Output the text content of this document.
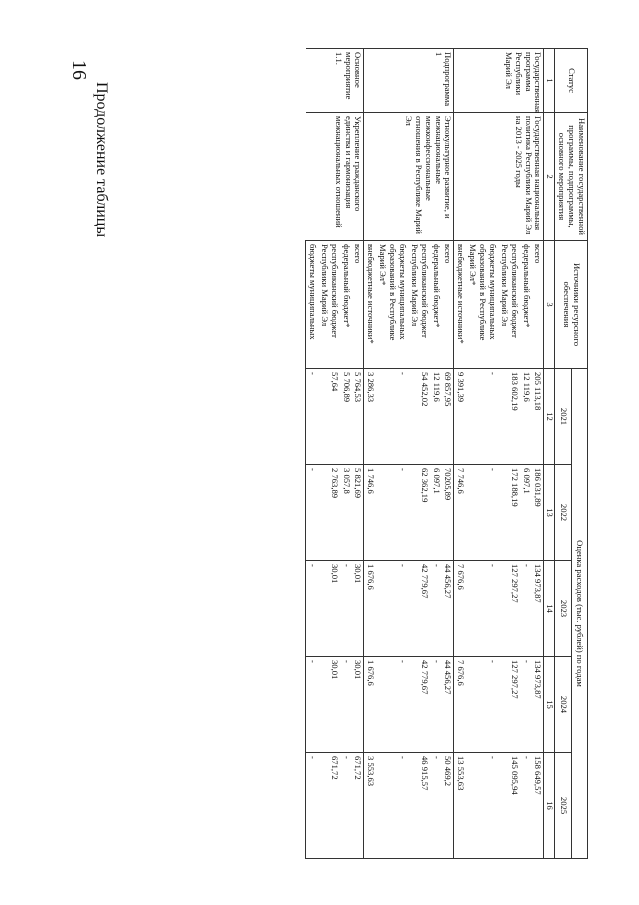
16
Продолжение таблицы
Статус	Наименование государственной программы, подпрограммы, основного мероприятия	Источники ресурсного обеспечения	Оценка расходов (тыс. рублей) по годам				
			2021	2022	2023	2024	2025
1	2	3	12	13	14	15	16
Государственная программа Республики Марий Эл	Государственная национальная политика Республики Марий Эл на 2013 - 2025 годы	всего	205 113,18	186 031,89	134 973,87	134 973,87	158 649,57
		федеральный бюджет*	12 119,6	6 097,1	-	-	-
		республиканский бюджет Республики Марий Эл	183 602,19	172 188,19	127 297,27	127 297,27	145 095,94
		бюджеты муниципальных образований в Республике Марий Эл*	-	-	-	-	-
		внебюджетные источники*	9 391,39	7 746,6	7 676,6	7 676,6	13 553,63
Подпрограмма 1	Этнокультурное развитие, и межнациональные межконфессиональные отношения в Республике Марий Эл	всего	69 857,95	70205,89	44 456,27	44 456,27	50 469,2
		федеральный бюджет*	12 119,6	6 097,1	-	-	-
		республиканский бюджет Республики Марий Эл	54 452,02	62 362,19	42 779,67	42 779,67	46 915,57
		бюджеты муниципальных образований в Республике Марий Эл*	-	-	-	-	-
		внебюджетные источники*	3 286,33	1 746,6	1 676,6	1 676,6	3 553,63
Основное мероприятие 1.1.	Укрепление гражданского единства и гармонизация межнациональных отношений	всего	5 764,53	5 821,69	30,01	30,01	671,72
		федеральный бюджет*	5 706,89	3 057,8	-	-	-
		республиканский бюджет Республики Марий Эл	57,64	2 763,89	30,01	30,01	671,72
		бюджеты муниципальных	-	-	-	-	-
